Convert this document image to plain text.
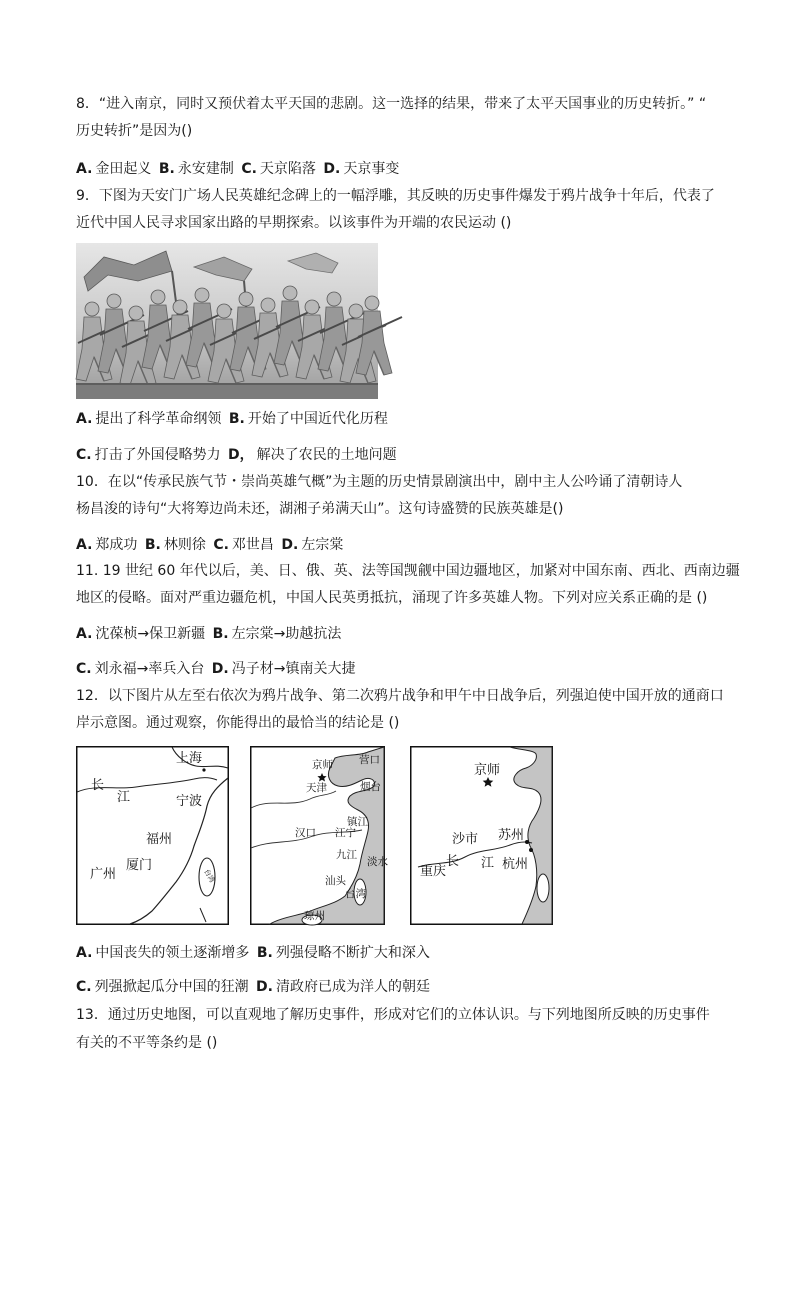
8．“进入南京，同时又预伏着太平天国的悲剧。这一选择的结果，带来了太平天国事业的历史转折。” “
历史转折”是因为()
A. 金田起义 B. 永安建制 C. 天京陷落 D. 天京事变
9．下图为天安门广场人民英雄纪念碑上的一幅浮雕，其反映的历史事件爆发于鸦片战争十年后，代表了
近代中国人民寻求国家出路的早期探索。以该事件为开端的农民运动 ()
A. 提出了科学革命纲领 B. 开始了中国近代化历程
C. 打击了外国侵略势力 D， 解决了农民的土地问题
10．在以“传承民族气节・崇尚英雄气概”为主题的历史情景剧演出中，剧中主人公吟诵了清朝诗人
杨昌浚的诗句“大将筹边尚未还，湖湘子弟满天山”。这句诗盛赞的民族英雄是()
A. 郑成功 B. 林则徐 C. 邓世昌 D. 左宗棠
11. 19 世纪 60 年代以后，美、日、俄、英、法等国觊觎中国边疆地区，加紧对中国东南、西北、西南边疆
地区的侵略。面对严重边疆危机，中国人民英勇抵抗，涌现了许多英雄人物。下列对应关系正确的是 ()
A. 沈葆桢→保卫新疆 B. 左宗棠→助越抗法
C. 刘永福→率兵入台 D. 冯子材→镇南关大捷
12．以下图片从左至右依次为鸦片战争、第二次鸦片战争和甲午中日战争后，列强迫使中国开放的通商口
岸示意图。通过观察，你能得出的最恰当的结论是 ()
上海
长
江	宁波
福州
厦门
广州	台湾
京师 营口
天津	烟台
镇江
汉口 江宁
九江
淡水
汕头
台湾
琼州
京师
苏州
沙市
长 江 杭州
重庆
A. 中国丧失的领土逐渐增多 B. 列强侵略不断扩大和深入
C. 列强掀起瓜分中国的狂潮 D. 清政府已成为洋人的朝廷
13．通过历史地图，可以直观地了解历史事件，形成对它们的立体认识。与下列地图所反映的历史事件
有关的不平等条约是 ()
